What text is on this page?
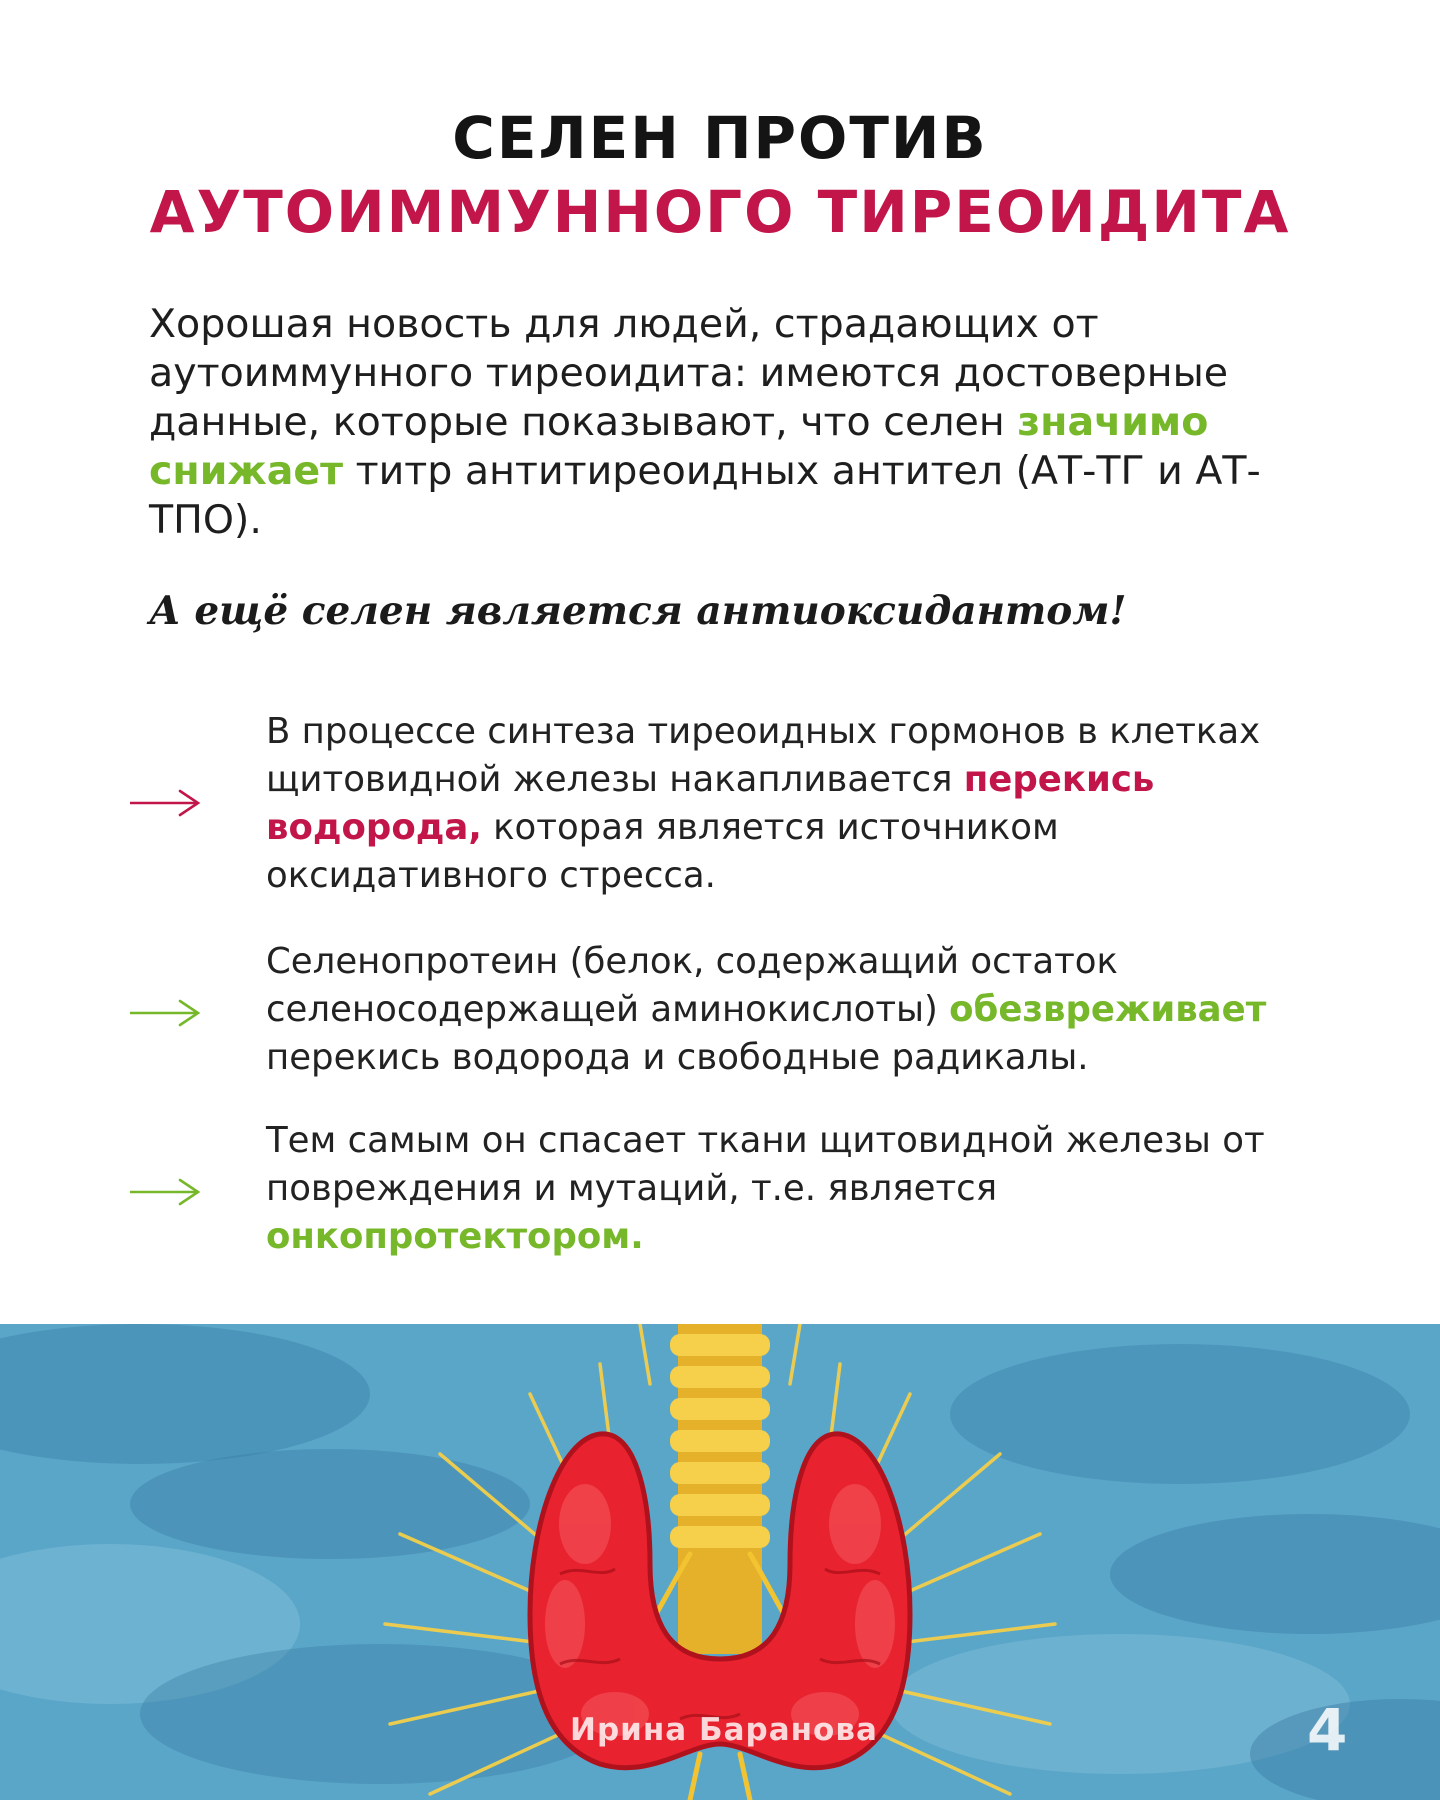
СЕЛЕН ПРОТИВ
АУТОИММУННОГО ТИРЕОИДИТА

Хорошая новость для людей, страдающих от аутоиммунного тиреоидита: имеются достоверные данные, которые показывают, что селен значимо снижает титр антитиреоидных антител (АТ-ТГ и АТ-ТПО).

А ещё селен является антиоксидантом!

В процессе синтеза тиреоидных гормонов в клетках щитовидной железы накапливается перекись водорода, которая является источником оксидативного стресса.

Селенопротеин (белок, содержащий остаток селеносодержащей аминокислоты) обезвреживает перекись водорода и свободные радикалы.

Тем самым он спасает ткани щитовидной железы от повреждения и мутаций, т.е. является онкопротектором.

Ирина Баранова	4
